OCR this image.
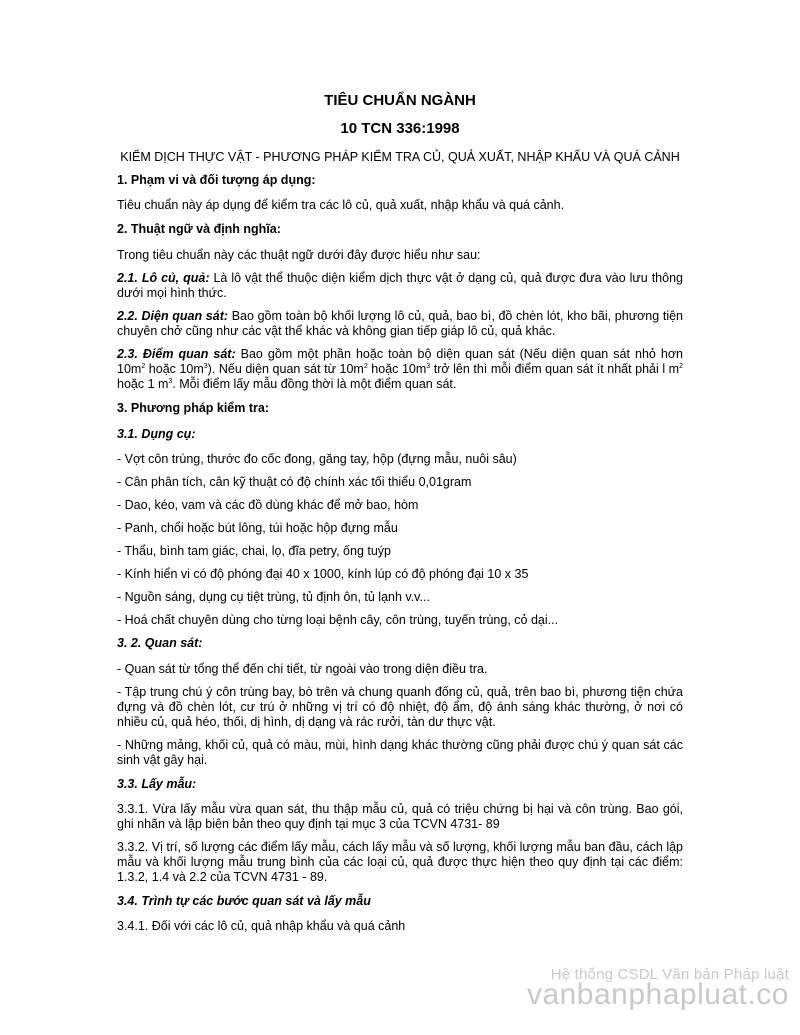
TIÊU CHUẨN NGÀNH

10 TCN 336:1998

KIỂM DỊCH THỰC VẬT - PHƯƠNG PHÁP KIỂM TRA CỦ, QUẢ XUẤT, NHẬP KHẨU VÀ QUÁ CẢNH

1. Phạm vi và đối tượng áp dụng:

Tiêu chuẩn này áp dụng để kiểm tra các lô củ, quả xuất, nhập khẩu và quá cảnh.

2. Thuật ngữ và định nghĩa:

Trong tiêu chuẩn này các thuật ngữ dưới đây được hiểu như sau:

2.1. Lô củ, quả: Là lô vật thể thuộc diện kiểm dịch thực vật ở dạng củ, quả được đưa vào lưu thông dưới mọi hình thức.

2.2. Diện quan sát: Bao gồm toàn bộ khối lượng lô củ, quả, bao bì, đồ chèn lót, kho bãi, phương tiện chuyên chở cũng như các vật thể khác và không gian tiếp giáp lô củ, quả khác.

2.3. Điểm quan sát: Bao gồm một phần hoặc toàn bộ diện quan sát (Nếu diện quan sát nhỏ hơn $10m^2$ hoặc $10m^3$). Nếu diện quan sát từ $10m^2$ hoặc $10m^3$ trở lên thì mỗi điểm quan sát ít nhất phải l $m^2$ hoặc 1 $m^3$. Mỗi điểm lấy mẫu đồng thời là một điểm quan sát.

3. Phương pháp kiểm tra:

3.1. Dụng cụ:

- Vợt côn trùng, thước đo cốc đong, găng tay, hộp (đựng mẫu, nuôi sâu)

- Cân phân tích, cân kỹ thuật có độ chính xác tối thiểu 0,01gram

- Dao, kéo, vam và các đồ dùng khác để mở bao, hòm

- Panh, chổi hoặc bút lông, túi hoặc hộp đựng mẫu

- Thẩu, bình tam giác, chai, lọ, đĩa petry, ống tuýp

- Kính hiển vi có độ phóng đại 40 x 1000, kính lúp có độ phóng đại 10 x 35

- Nguồn sáng, dụng cụ tiệt trùng, tủ định ôn, tủ lạnh v.v...

- Hoá chất chuyên dùng cho từng loại bệnh cây, côn trùng, tuyến trùng, cỏ dại...

3. 2. Quan sát:

- Quan sát từ tổng thể đến chi tiết, từ ngoài vào trong diện điều tra.

- Tập trung chú ý côn trùng bay, bò trên và chung quanh đống củ, quả, trên bao bì, phương tiện chứa đựng và đồ chèn lót, cư trú ở những vị trí có độ nhiệt, độ ẩm, độ ánh sáng khác thường, ở nơi có nhiều củ, quả héo, thối, dị hình, dị dạng và rác rưởi, tàn dư thực vật.

- Những mảng, khối củ, quả có màu, mùi, hình dạng khác thường cũng phải được chú ý quan sát các sinh vật gây hại.

3.3. Lấy mẫu:

3.3.1. Vừa lấy mẫu vừa quan sát, thu thập mẫu củ, quả có triệu chứng bị hại và côn trùng. Bao gói, ghi nhãn và lập biên bản theo quy định tại mục 3 của TCVN 4731- 89

3.3.2. Vị trí, số lượng các điểm lấy mẫu, cách lấy mẫu và số lượng, khối lượng mẫu ban đầu, cách lập mẫu và khối lượng mẫu trung bình của các loại củ, quả được thực hiện theo quy định tại các điểm: 1.3.2, 1.4 và 2.2 của TCVN 4731 - 89.

3.4. Trình tự các bước quan sát và lấy mẫu

3.4.1. Đối với các lô củ, quả nhập khẩu và quá cảnh

Hệ thống CSDL Văn bản Pháp luật
vanbanphapluat.co
